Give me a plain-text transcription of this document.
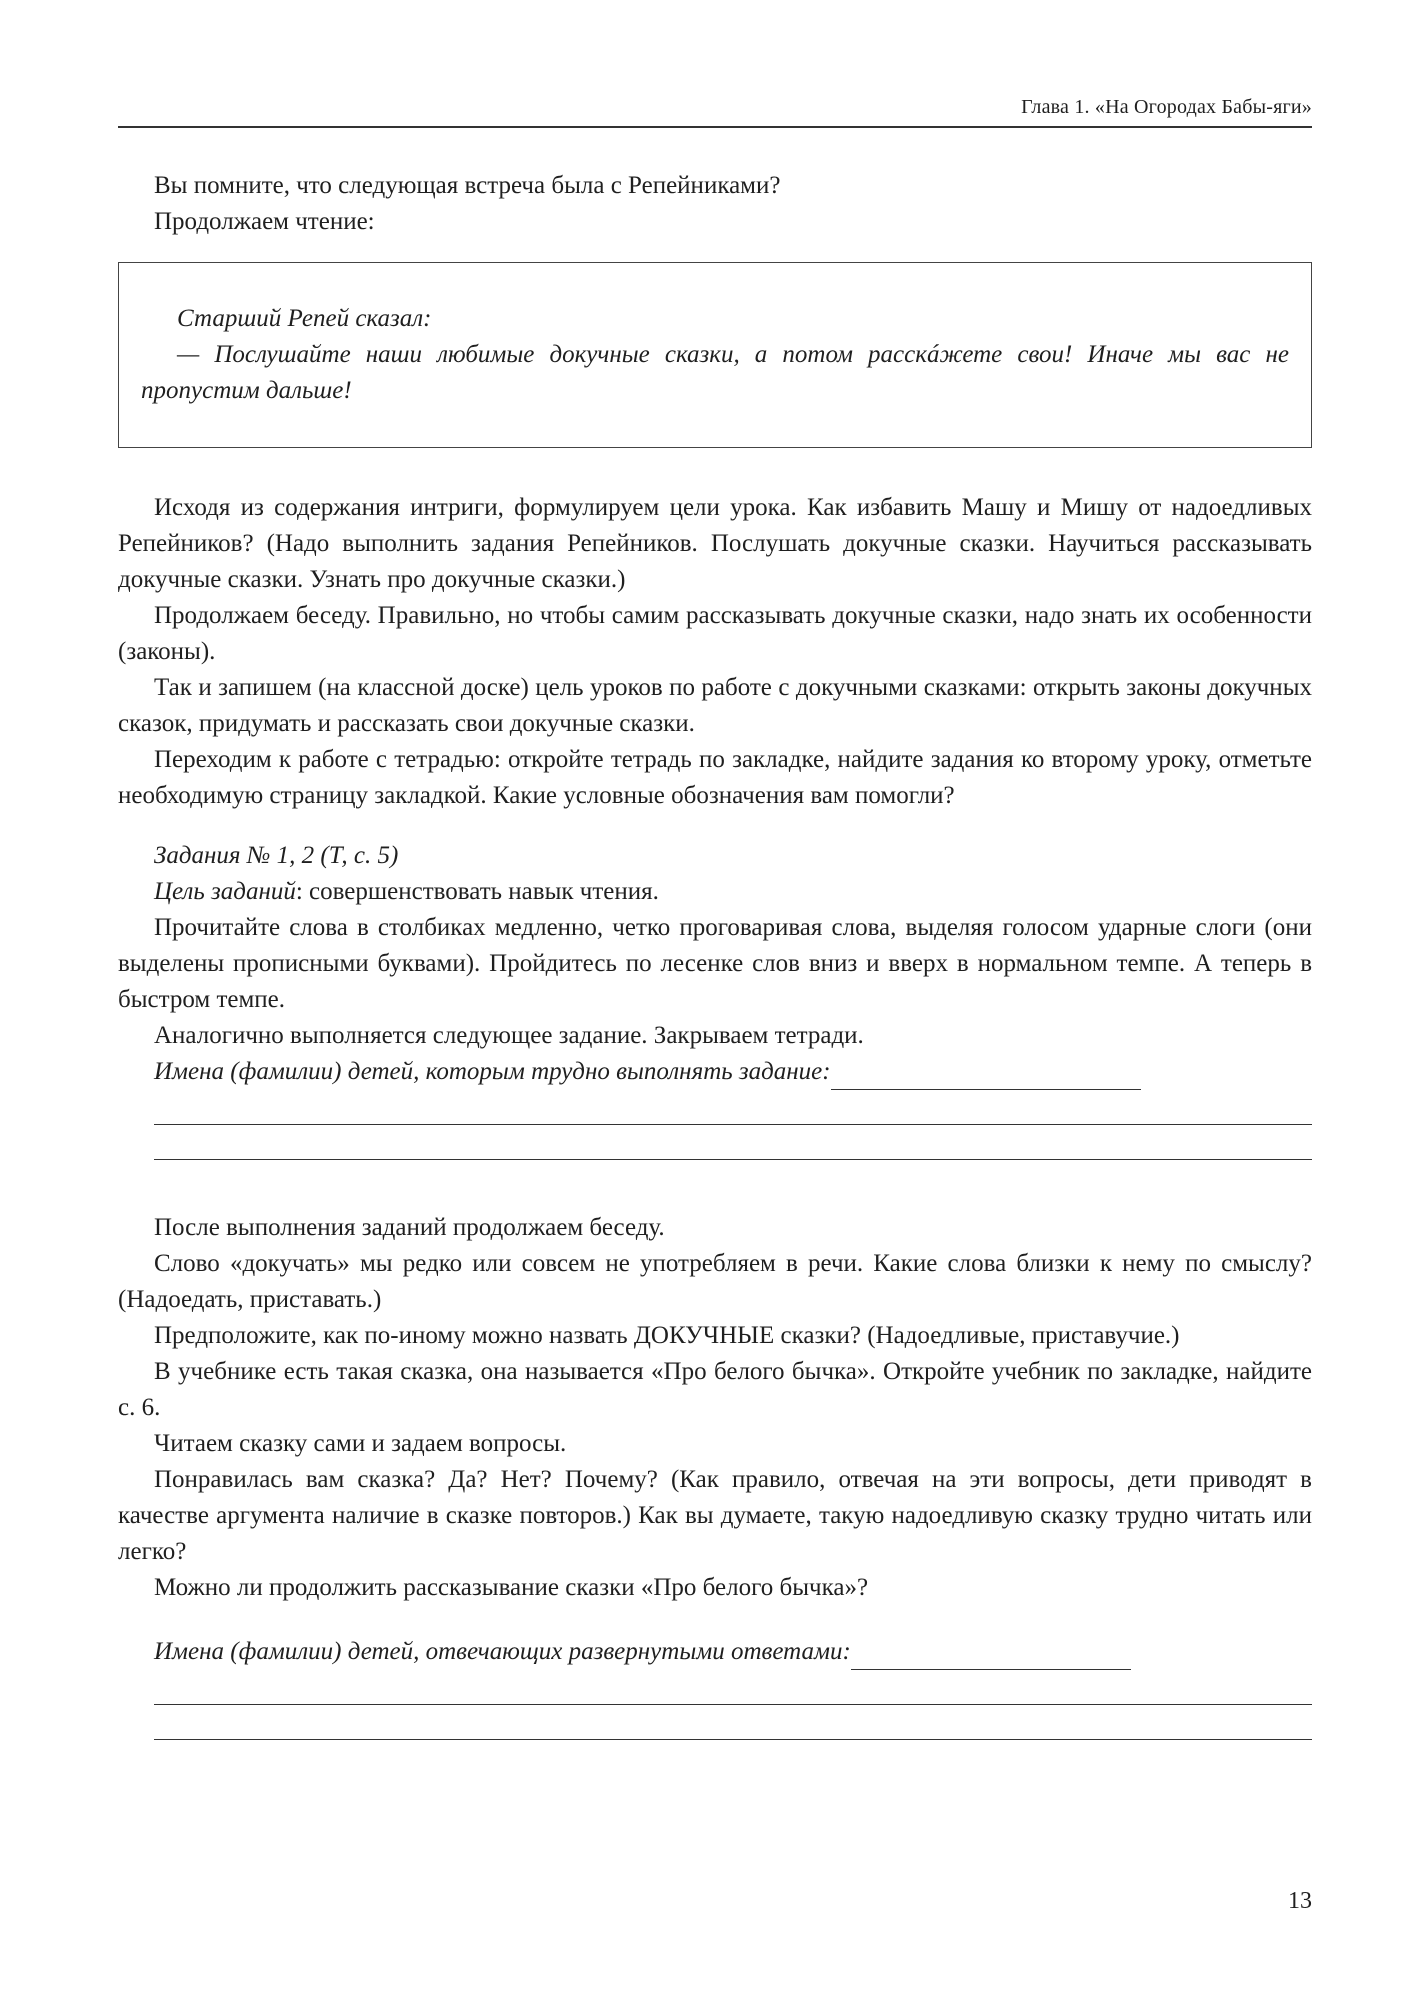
Глава 1. «На Огородах Бабы-яги»

Вы помните, что следующая встреча была с Репейниками?

Продолжаем чтение:

Старший Репей сказал:

— Послушайте наши любимые докучные сказки, а потом расскáжете свои! Иначе мы вас не пропустим дальше!

Исходя из содержания интриги, формулируем цели урока. Как избавить Машу и Мишу от надоедливых Репейников? (Надо выполнить задания Репейников. Послушать докучные сказки. Научиться рассказывать докучные сказки. Узнать про докучные сказки.)

Продолжаем беседу. Правильно, но чтобы самим рассказывать докучные сказки, надо знать их особенности (законы).

Так и запишем (на классной доске) цель уроков по работе с докучными сказками: открыть законы докучных сказок, придумать и рассказать свои докучные сказки.

Переходим к работе с тетрадью: откройте тетрадь по закладке, найдите задания ко второму уроку, отметьте необходимую страницу закладкой. Какие условные обозначения вам помогли?

Задания № 1, 2 (Т, с. 5)

Цель заданий: совершенствовать навык чтения.

Прочитайте слова в столбиках медленно, четко проговаривая слова, выделяя голосом ударные слоги (они выделены прописными буквами). Пройдитесь по лесенке слов вниз и вверх в нормальном темпе. А теперь в быстром темпе.

Аналогично выполняется следующее задание. Закрываем тетради.

Имена (фамилии) детей, которым трудно выполнять задание:

После выполнения заданий продолжаем беседу.

Слово «докучать» мы редко или совсем не употребляем в речи. Какие слова близки к нему по смыслу? (Надоедать, приставать.)

Предположите, как по-иному можно назвать ДОКУЧНЫЕ сказки? (Надоедливые, приставучие.)

В учебнике есть такая сказка, она называется «Про белого бычка». Откройте учебник по закладке, найдите с. 6.

Читаем сказку сами и задаем вопросы.

Понравилась вам сказка? Да? Нет? Почему? (Как правило, отвечая на эти вопросы, дети приводят в качестве аргумента наличие в сказке повторов.) Как вы думаете, такую надоедливую сказку трудно читать или легко?

Можно ли продолжить рассказывание сказки «Про белого бычка»?

Имена (фамилии) детей, отвечающих развернутыми ответами:

13
